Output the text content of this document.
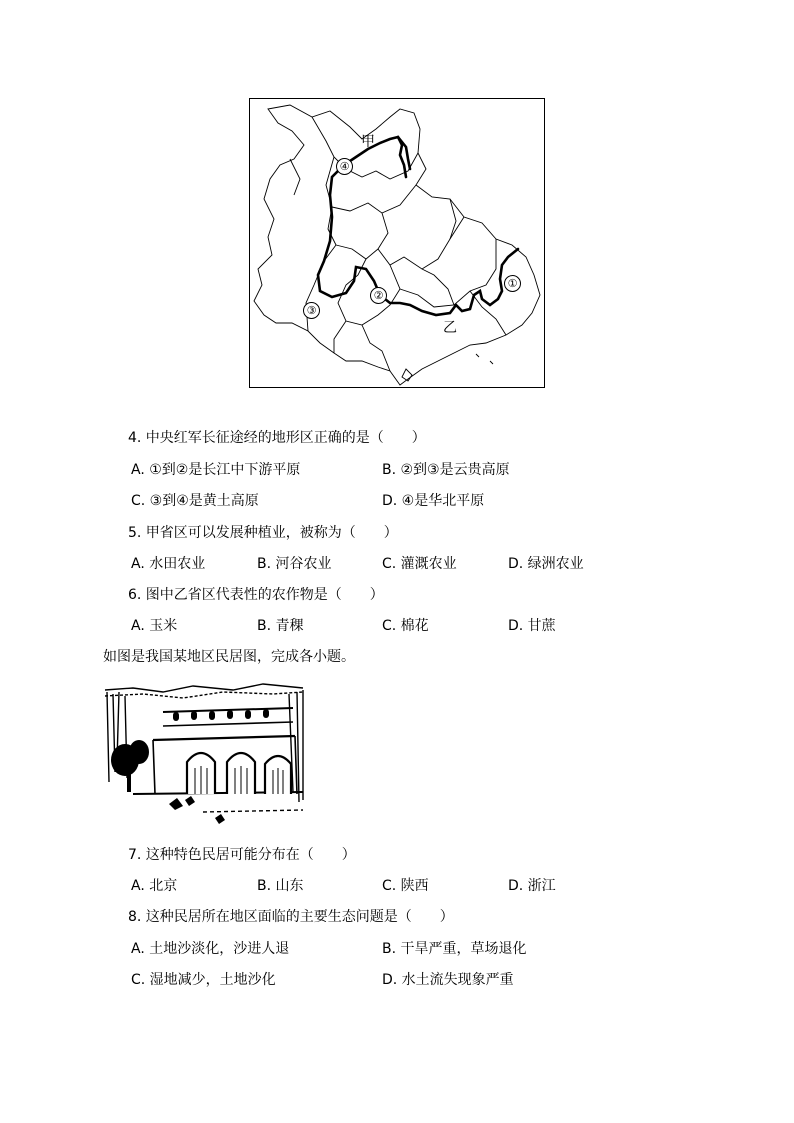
甲
乙
④
①
②
③
4. 中央红军长征途经的地形区正确的是（　　）
A. ①到②是长江中下游平原	B. ②到③是云贵高原
C. ③到④是黄土高原	D. ④是华北平原
5. 甲省区可以发展种植业，被称为（　　）
A. 水田农业	B. 河谷农业	C. 灌溉农业	D. 绿洲农业
6. 图中乙省区代表性的农作物是（　　）
A. 玉米	B. 青稞	C. 棉花	D. 甘蔗
如图是我国某地区民居图，完成各小题。
7. 这种特色民居可能分布在（　　）
A. 北京	B. 山东	C. 陕西	D. 浙江
8. 这种民居所在地区面临的主要生态问题是（　　）
A. 土地沙淡化，沙进人退	B. 干旱严重，草场退化
C. 湿地减少，土地沙化	D. 水土流失现象严重
